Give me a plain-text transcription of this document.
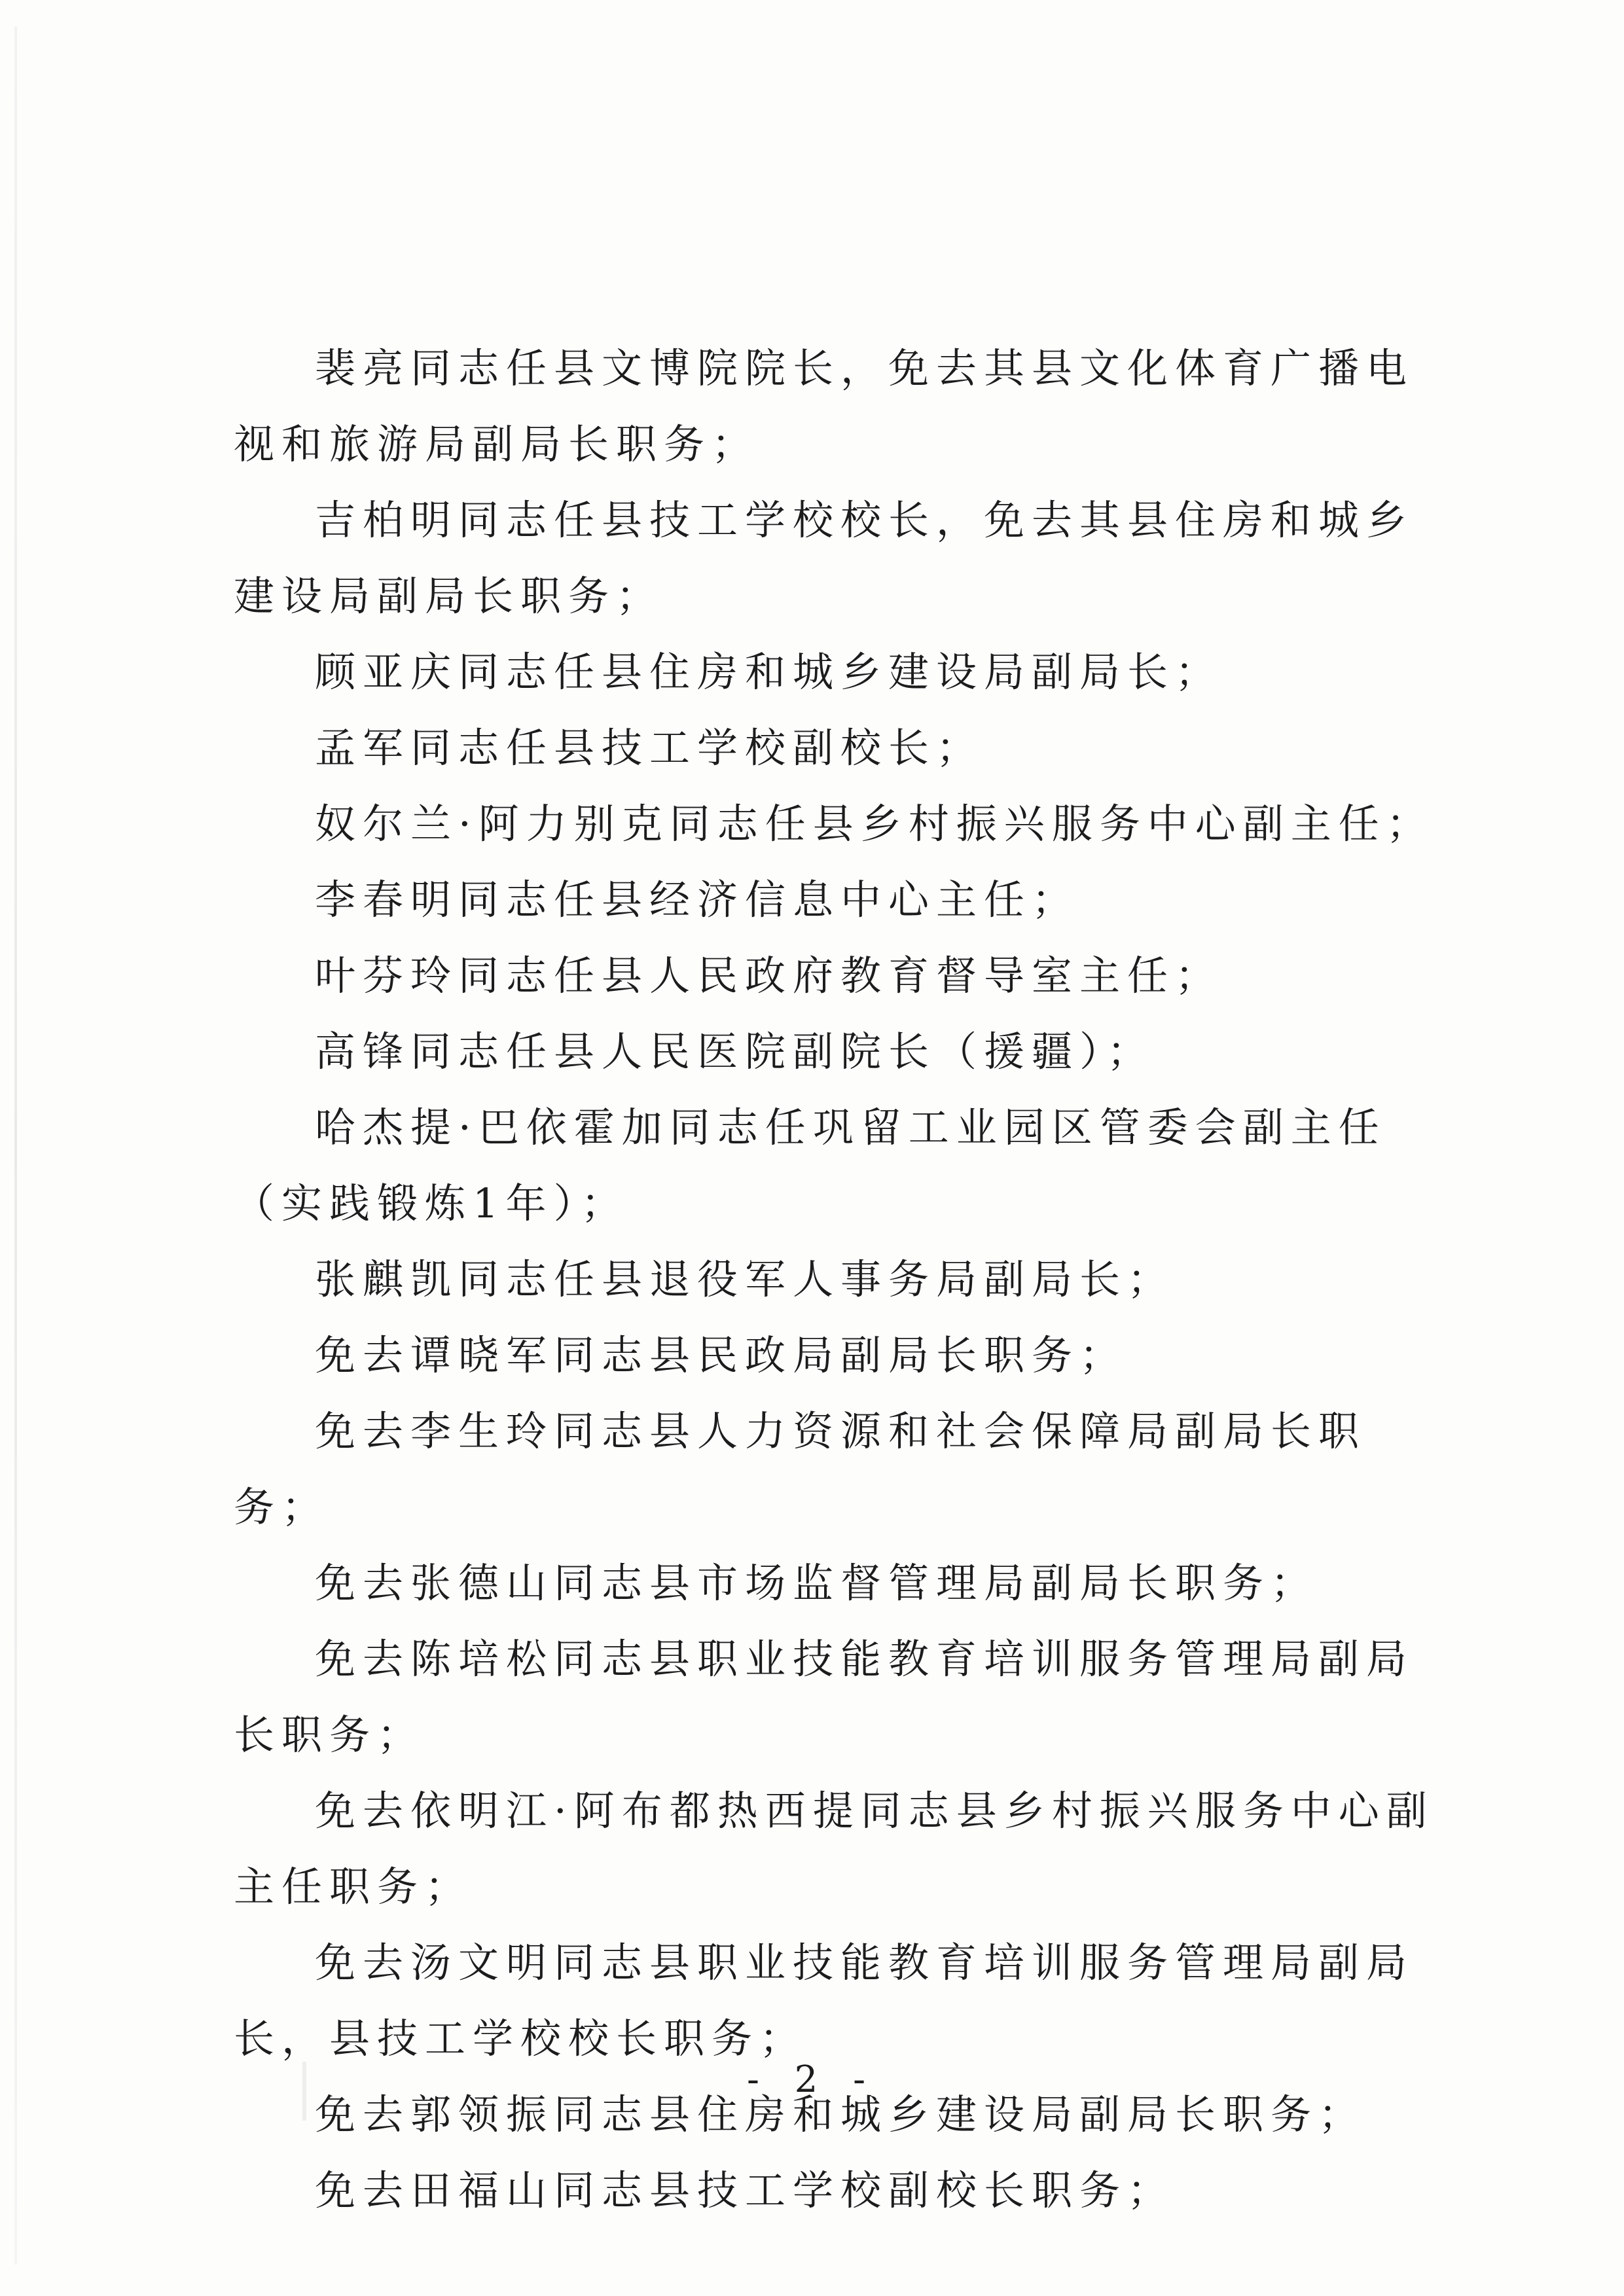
裴亮同志任县文博院院长，免去其县文化体育广播电视和旅游局副局长职务；

吉柏明同志任县技工学校校长，免去其县住房和城乡建设局副局长职务；

顾亚庆同志任县住房和城乡建设局副局长；

孟军同志任县技工学校副校长；

奴尔兰·阿力别克同志任县乡村振兴服务中心副主任；

李春明同志任县经济信息中心主任；

叶芬玲同志任县人民政府教育督导室主任；

高锋同志任县人民医院副院长（援疆）；

哈杰提·巴依霍加同志任巩留工业园区管委会副主任（实践锻炼1年）；

张麒凯同志任县退役军人事务局副局长；

免去谭晓军同志县民政局副局长职务；

免去李生玲同志县人力资源和社会保障局副局长职务；

免去张德山同志县市场监督管理局副局长职务；

免去陈培松同志县职业技能教育培训服务管理局副局长职务；

免去依明江·阿布都热西提同志县乡村振兴服务中心副主任职务；

免去汤文明同志县职业技能教育培训服务管理局副局长，县技工学校校长职务；

免去郭领振同志县住房和城乡建设局副局长职务；

免去田福山同志县技工学校副校长职务；

- 2 -
